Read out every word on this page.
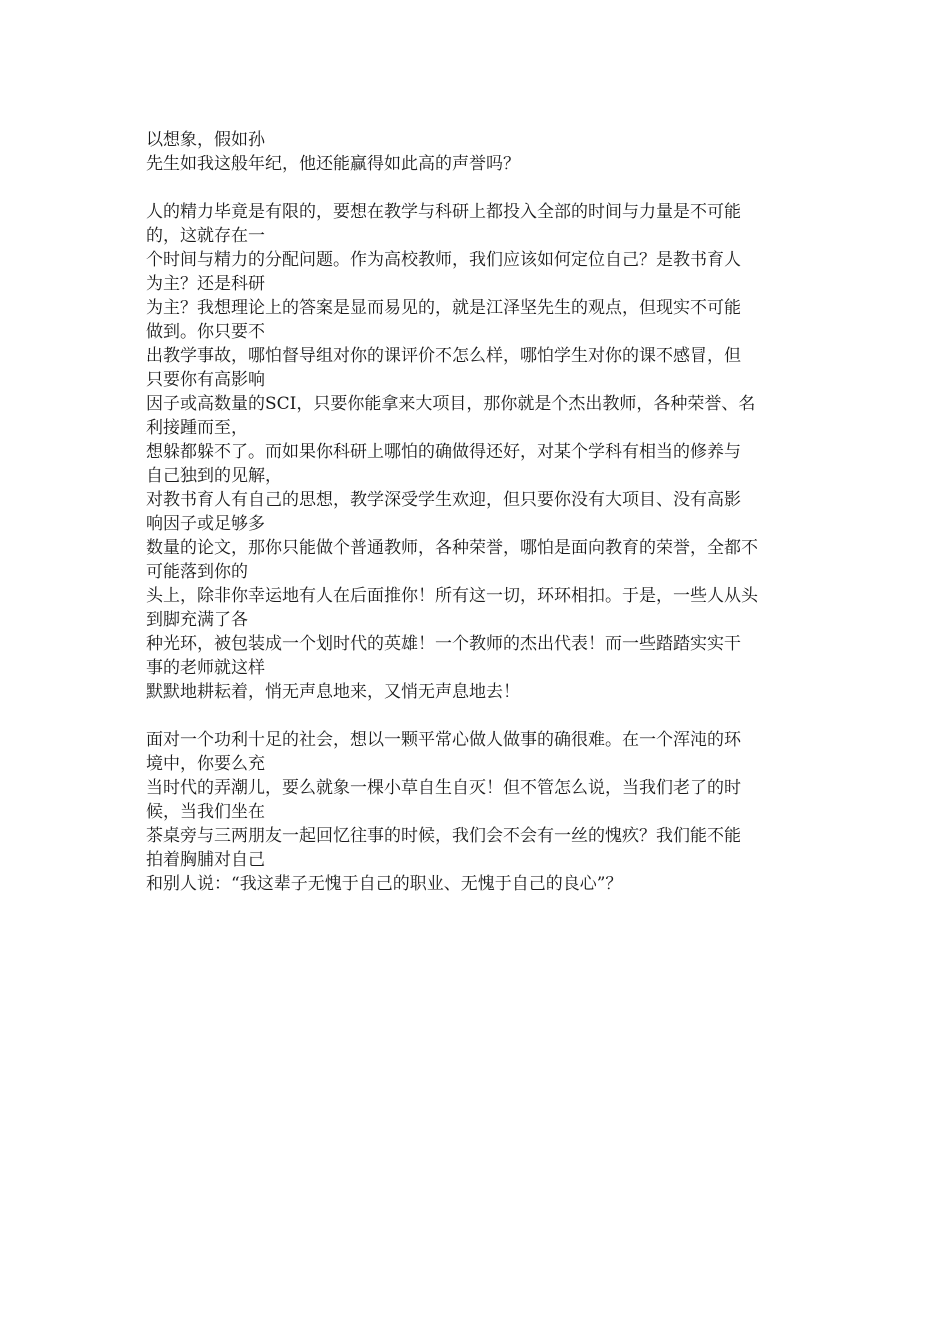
以想象，假如孙
先生如我这般年纪，他还能赢得如此高的声誉吗？
人的精力毕竟是有限的，要想在教学与科研上都投入全部的时间与力量是不可能
的，这就存在一
个时间与精力的分配问题。作为高校教师，我们应该如何定位自己？是教书育人
为主？还是科研
为主？我想理论上的答案是显而易见的，就是江泽坚先生的观点，但现实不可能
做到。你只要不
出教学事故，哪怕督导组对你的课评价不怎么样，哪怕学生对你的课不感冒，但
只要你有高影响
因子或高数量的SCI，只要你能拿来大项目，那你就是个杰出教师，各种荣誉、名
利接踵而至，
想躲都躲不了。而如果你科研上哪怕的确做得还好，对某个学科有相当的修养与
自己独到的见解，
对教书育人有自己的思想，教学深受学生欢迎，但只要你没有大项目、没有高影
响因子或足够多
数量的论文，那你只能做个普通教师，各种荣誉，哪怕是面向教育的荣誉，全都不
可能落到你的
头上，除非你幸运地有人在后面推你！所有这一切，环环相扣。于是，一些人从头
到脚充满了各
种光环，被包装成一个划时代的英雄！一个教师的杰出代表！而一些踏踏实实干
事的老师就这样
默默地耕耘着，悄无声息地来，又悄无声息地去！
面对一个功利十足的社会，想以一颗平常心做人做事的确很难。在一个浑沌的环
境中，你要么充
当时代的弄潮儿，要么就象一棵小草自生自灭！但不管怎么说，当我们老了的时
候，当我们坐在
茶桌旁与三两朋友一起回忆往事的时候，我们会不会有一丝的愧疚？我们能不能
拍着胸脯对自己
和别人说：“我这辈子无愧于自己的职业、无愧于自己的良心”？
